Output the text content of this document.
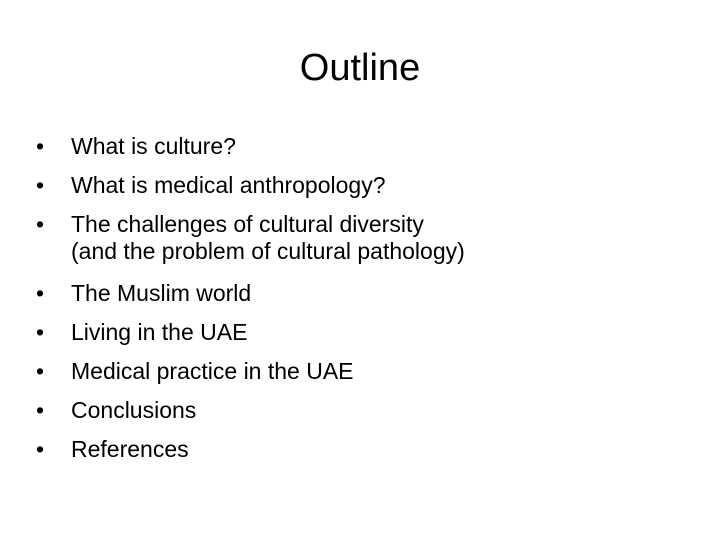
Outline
•	What is culture?
•	What is medical anthropology?
•	The challenges of cultural diversity
(and the problem of cultural pathology)
•	The Muslim world
•	Living in the UAE
•	Medical practice in the UAE
•	Conclusions
•	References
